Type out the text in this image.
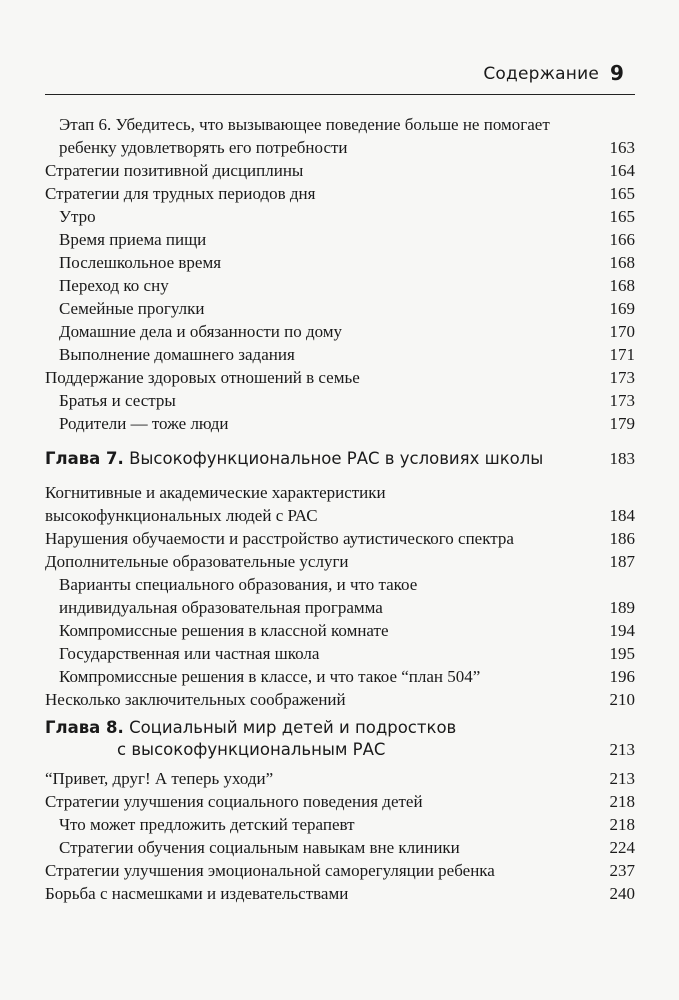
Содержание 9
Этап 6. Убедитесь, что вызывающее поведение больше не помогает ребенку удовлетворять его потребности	163
Стратегии позитивной дисциплины	164
Стратегии для трудных периодов дня	165
Утро	165
Время приема пищи	166
Послешкольное время	168
Переход ко сну	168
Семейные прогулки	169
Домашние дела и обязанности по дому	170
Выполнение домашнего задания	171
Поддержание здоровых отношений в семье	173
Братья и сестры	173
Родители — тоже люди	179
Глава 7. Высокофункциональное РАС в условиях школы	183
Когнитивные и академические характеристики высокофункциональных людей с РАС	184
Нарушения обучаемости и расстройство аутистического спектра	186
Дополнительные образовательные услуги	187
Варианты специального образования, и что такое индивидуальная образовательная программа	189
Компромиссные решения в классной комнате	194
Государственная или частная школа	195
Компромиссные решения в классе, и что такое “план 504”	196
Несколько заключительных соображений	210
Глава 8. Социальный мир детей и подростков
с высокофункциональным РАС	213
“Привет, друг! А теперь уходи”	213
Стратегии улучшения социального поведения детей	218
Что может предложить детский терапевт	218
Стратегии обучения социальным навыкам вне клиники	224
Стратегии улучшения эмоциональной саморегуляции ребенка	237
Борьба с насмешками и издевательствами	240
